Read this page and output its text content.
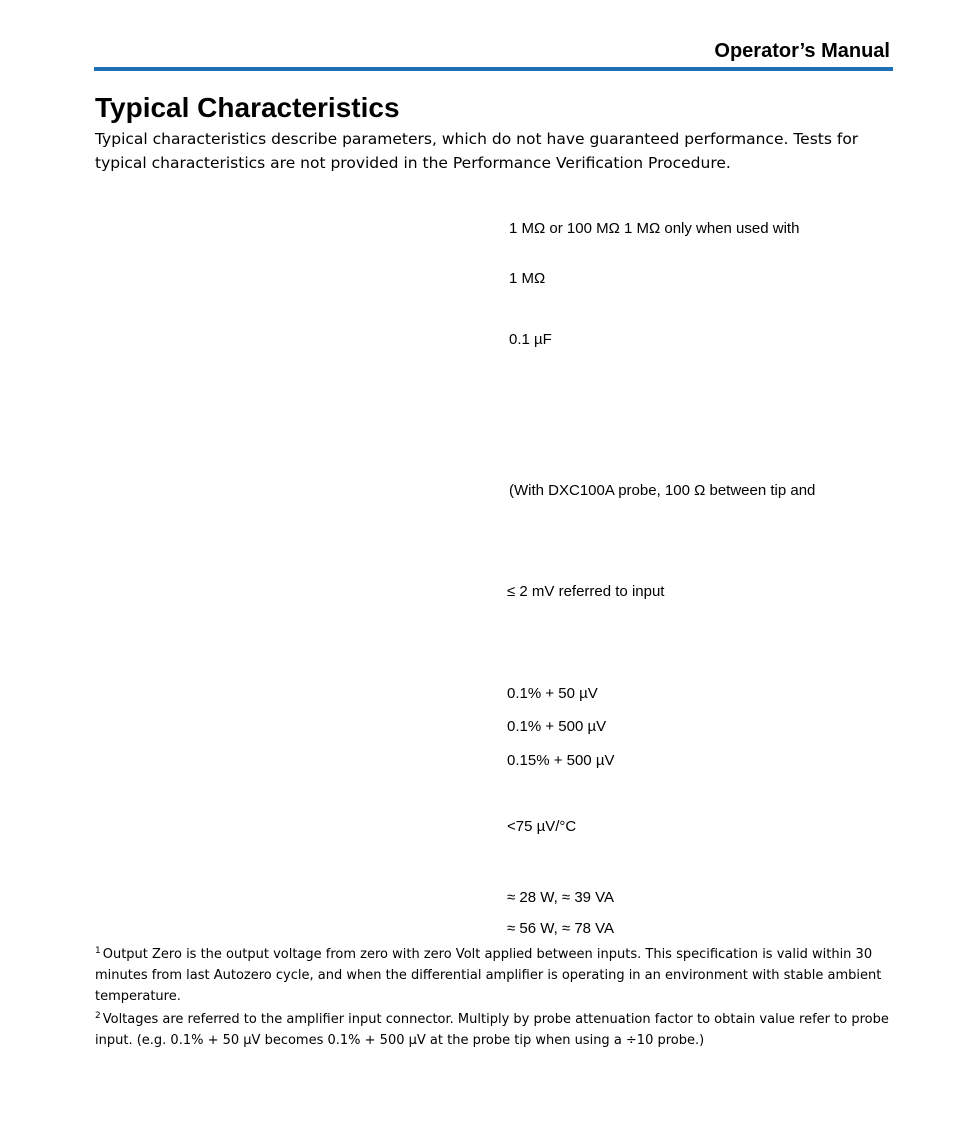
Operator’s Manual
Typical Characteristics
Typical characteristics describe parameters, which do not have guaranteed performance. Tests for typical characteristics are not provided in the Performance Verification Procedure.
1 MΩ or 100 MΩ 1 MΩ only when used with
1 MΩ
0.1 µF
(With DXC100A probe, 100 Ω between tip and
≤ 2 mV referred to input
0.1% + 50 µV
0.1% + 500 µV
0.15% + 500 µV
<75 µV/°C
≈ 28 W, ≈ 39 VA
≈ 56 W, ≈ 78 VA
$^1$ Output Zero is the output voltage from zero with zero Volt applied between inputs. This specification is valid within 30 minutes from last Autozero cycle, and when the differential amplifier is operating in an environment with stable ambient temperature.
$^2$ Voltages are referred to the amplifier input connector. Multiply by probe attenuation factor to obtain value refer to probe input. (e.g. 0.1% + 50 µV becomes 0.1% + 500 µV at the probe tip when using a ÷10 probe.)
